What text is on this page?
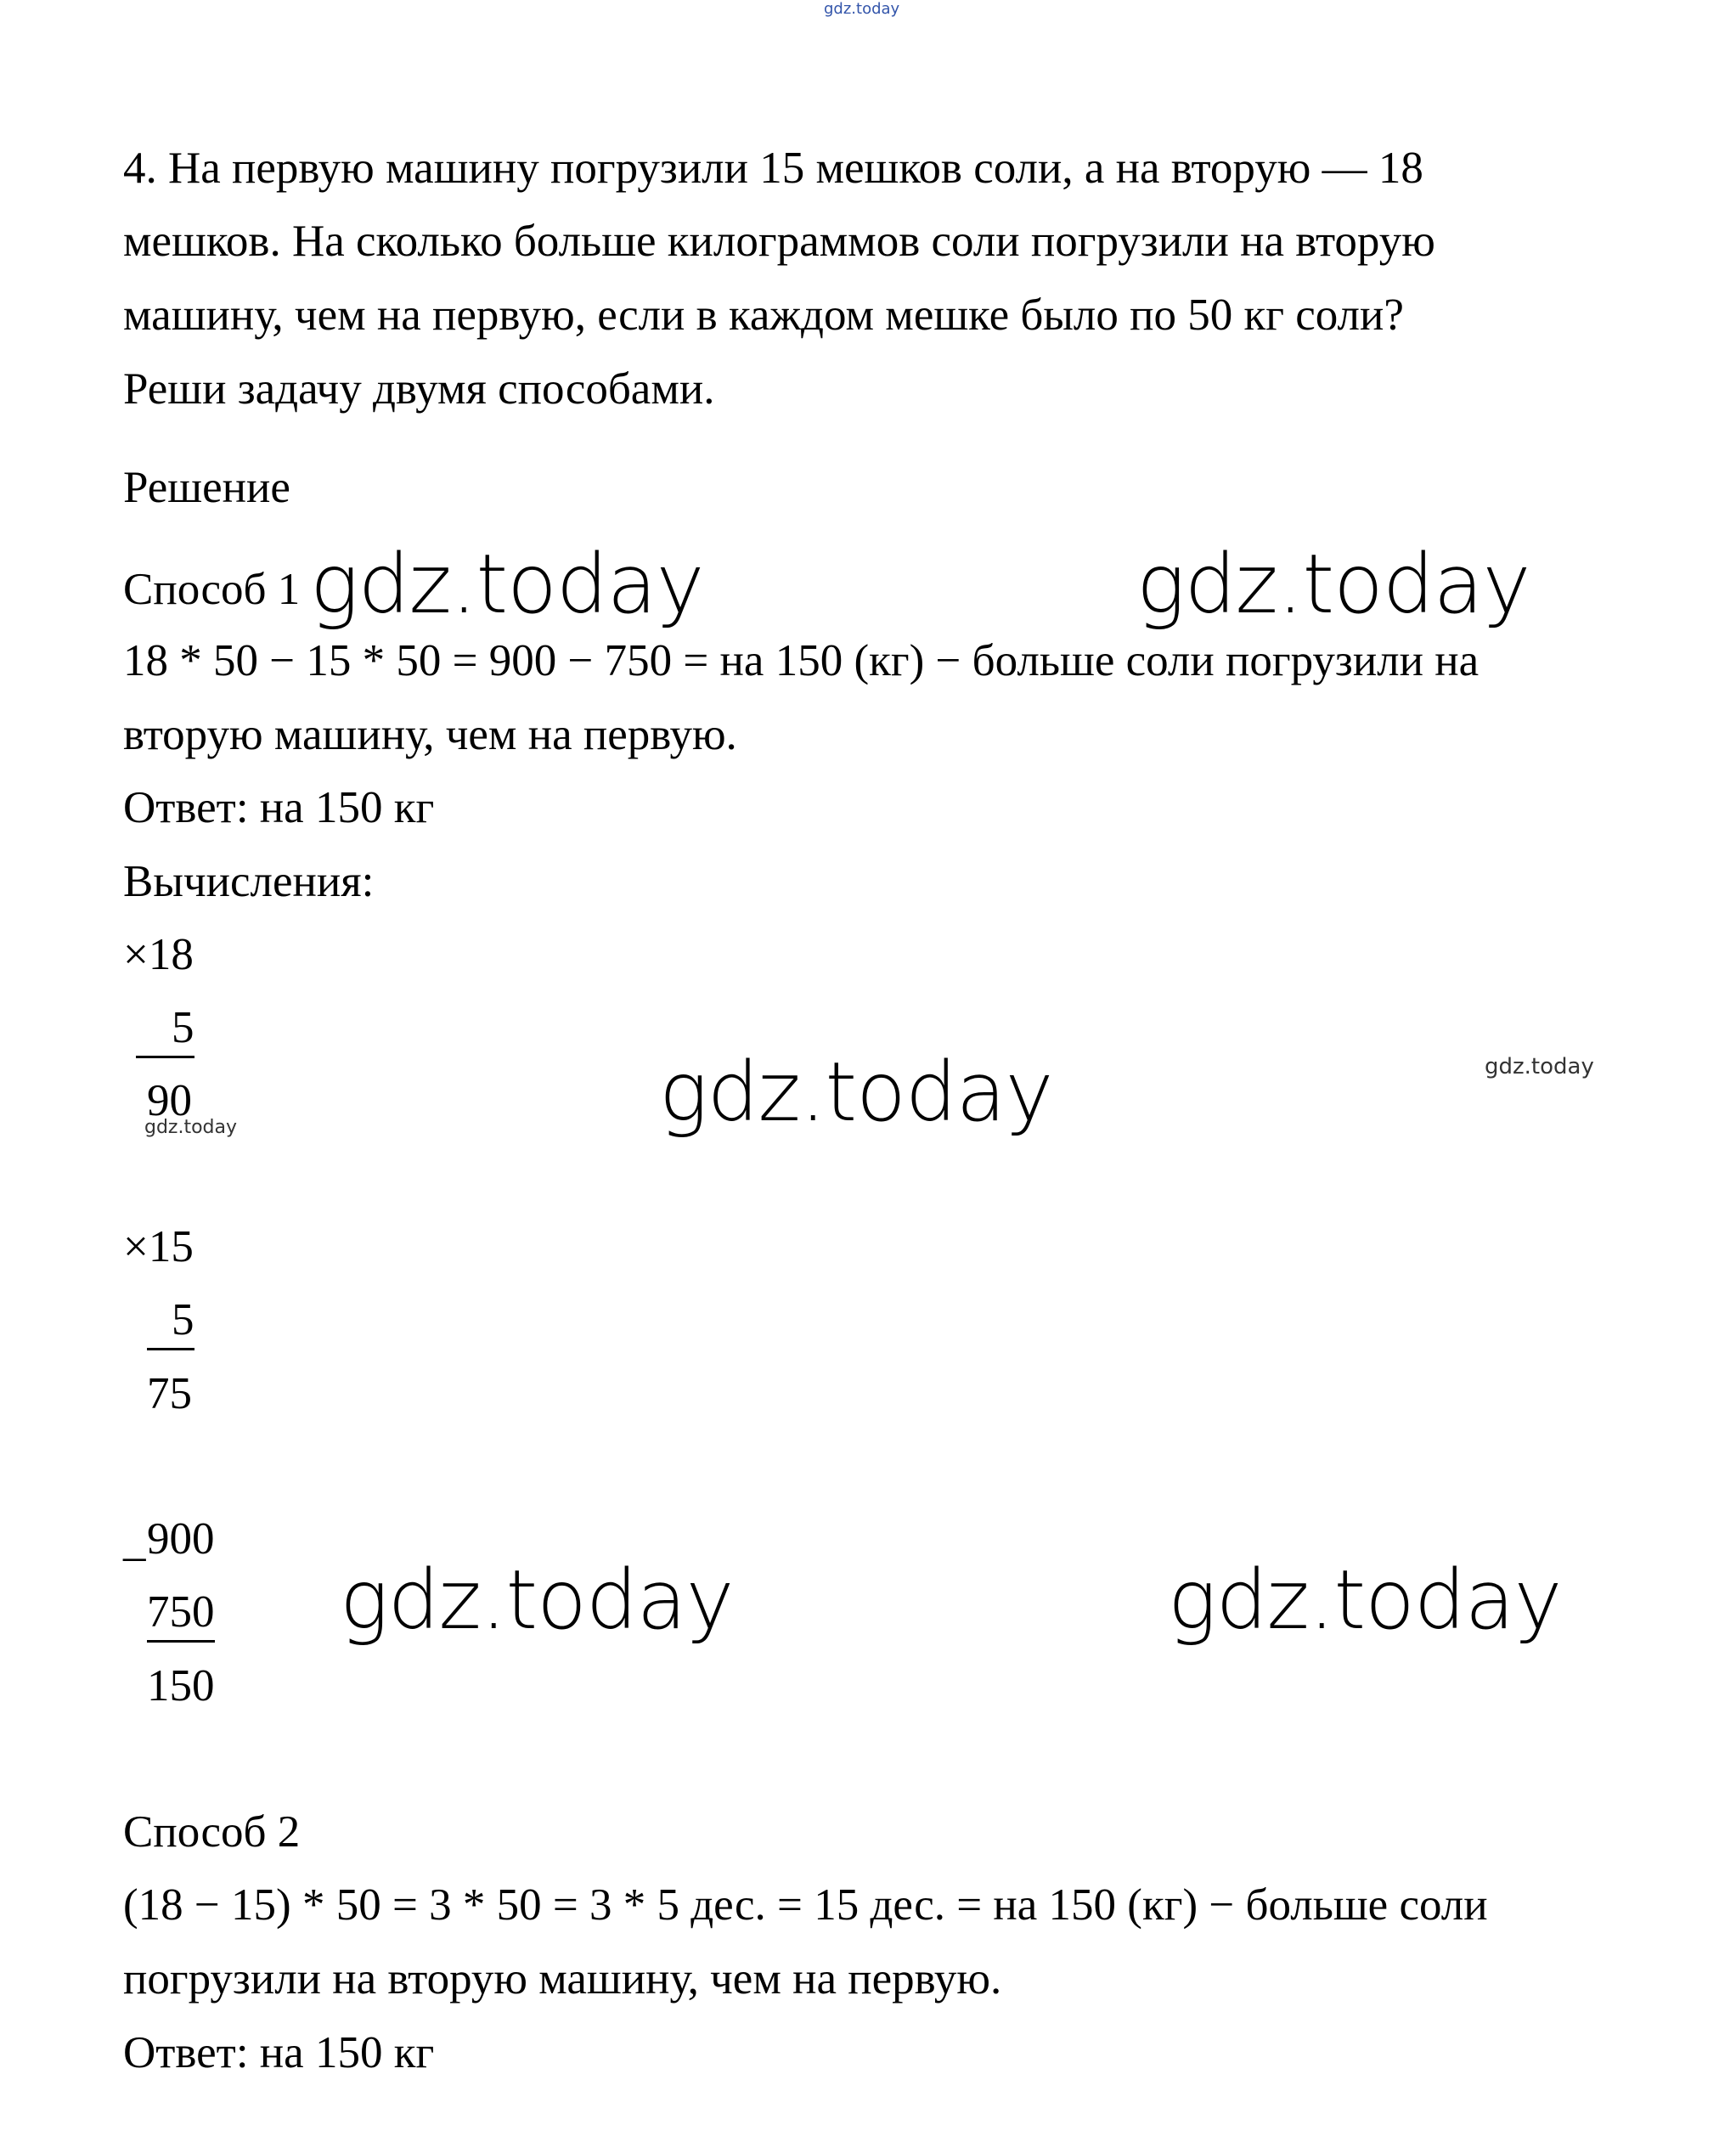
gdz.today
4. На первую машину погрузили 15 мешков соли, а на вторую — 18
мешков. На сколько больше килограммов соли погрузили на вторую
машину, чем на первую, если в каждом мешке было по 50 кг соли?
Реши задачу двумя способами.
Решение
Способ 1 gdz.today	gdz.today
18 * 50 − 15 * 50 = 900 − 750 = на 150 (кг) − больше соли погрузили на
вторую машину, чем на первую.
Ответ: на 150 кг
Вычисления:
×18
5
90
gdz.today	gdz.today	gdz.today
×15
5
75
_ 900
750
150
gdz.today	gdz.today
Способ 2
(18 − 15) * 50 = 3 * 50 = 3 * 5 дес. = 15 дес. = на 150 (кг) − больше соли
погрузили на вторую машину, чем на первую.
Ответ: на 150 кг
